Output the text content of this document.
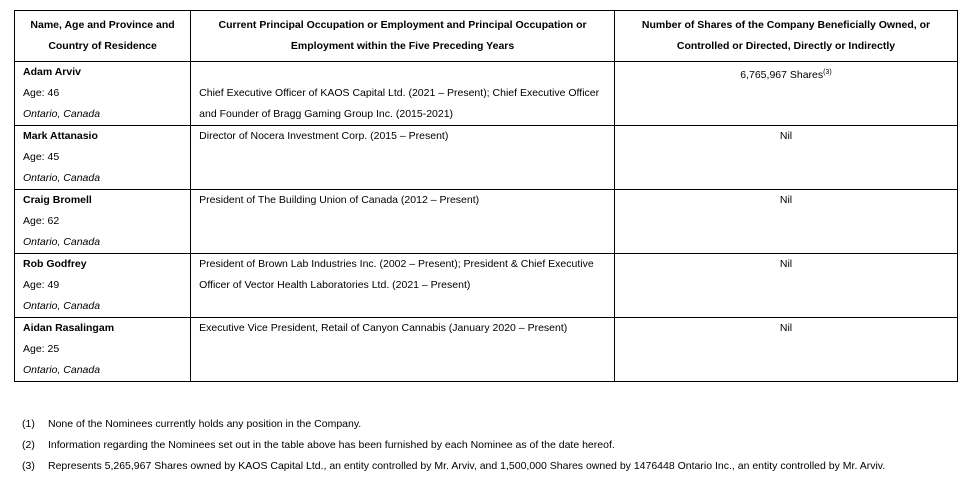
Name, Age and Province and
Country of Residence	Current Principal Occupation or Employment and Principal Occupation or
Employment within the Five Preceding Years	Number of Shares of the Company Beneficially Owned, or
Controlled or Directed, Directly or Indirectly

Adam Arviv
Age: 46
Ontario, Canada	Chief Executive Officer of KAOS Capital Ltd. (2021 – Present); Chief Executive Officer
and Founder of Bragg Gaming Group Inc. (2015-2021)	6,765,967 Shares$^{(3)}$

Mark Attanasio
Age: 45
Ontario, Canada	Director of Nocera Investment Corp. (2015 – Present)	Nil

Craig Bromell
Age: 62
Ontario, Canada	President of The Building Union of Canada (2012 – Present)	Nil

Rob Godfrey
Age: 49
Ontario, Canada	President of Brown Lab Industries Inc. (2002 – Present); President & Chief Executive
Officer of Vector Health Laboratories Ltd. (2021 – Present)	Nil

Aidan Rasalingam
Age: 25
Ontario, Canada	Executive Vice President, Retail of Canyon Cannabis (January 2020 – Present)	Nil
(1)	None of the Nominees currently holds any position in the Company.
(2)	Information regarding the Nominees set out in the table above has been furnished by each Nominee as of the date hereof.
(3)	Represents 5,265,967 Shares owned by KAOS Capital Ltd., an entity controlled by Mr. Arviv, and 1,500,000 Shares owned by 1476448 Ontario Inc., an entity controlled by Mr. Arviv.
